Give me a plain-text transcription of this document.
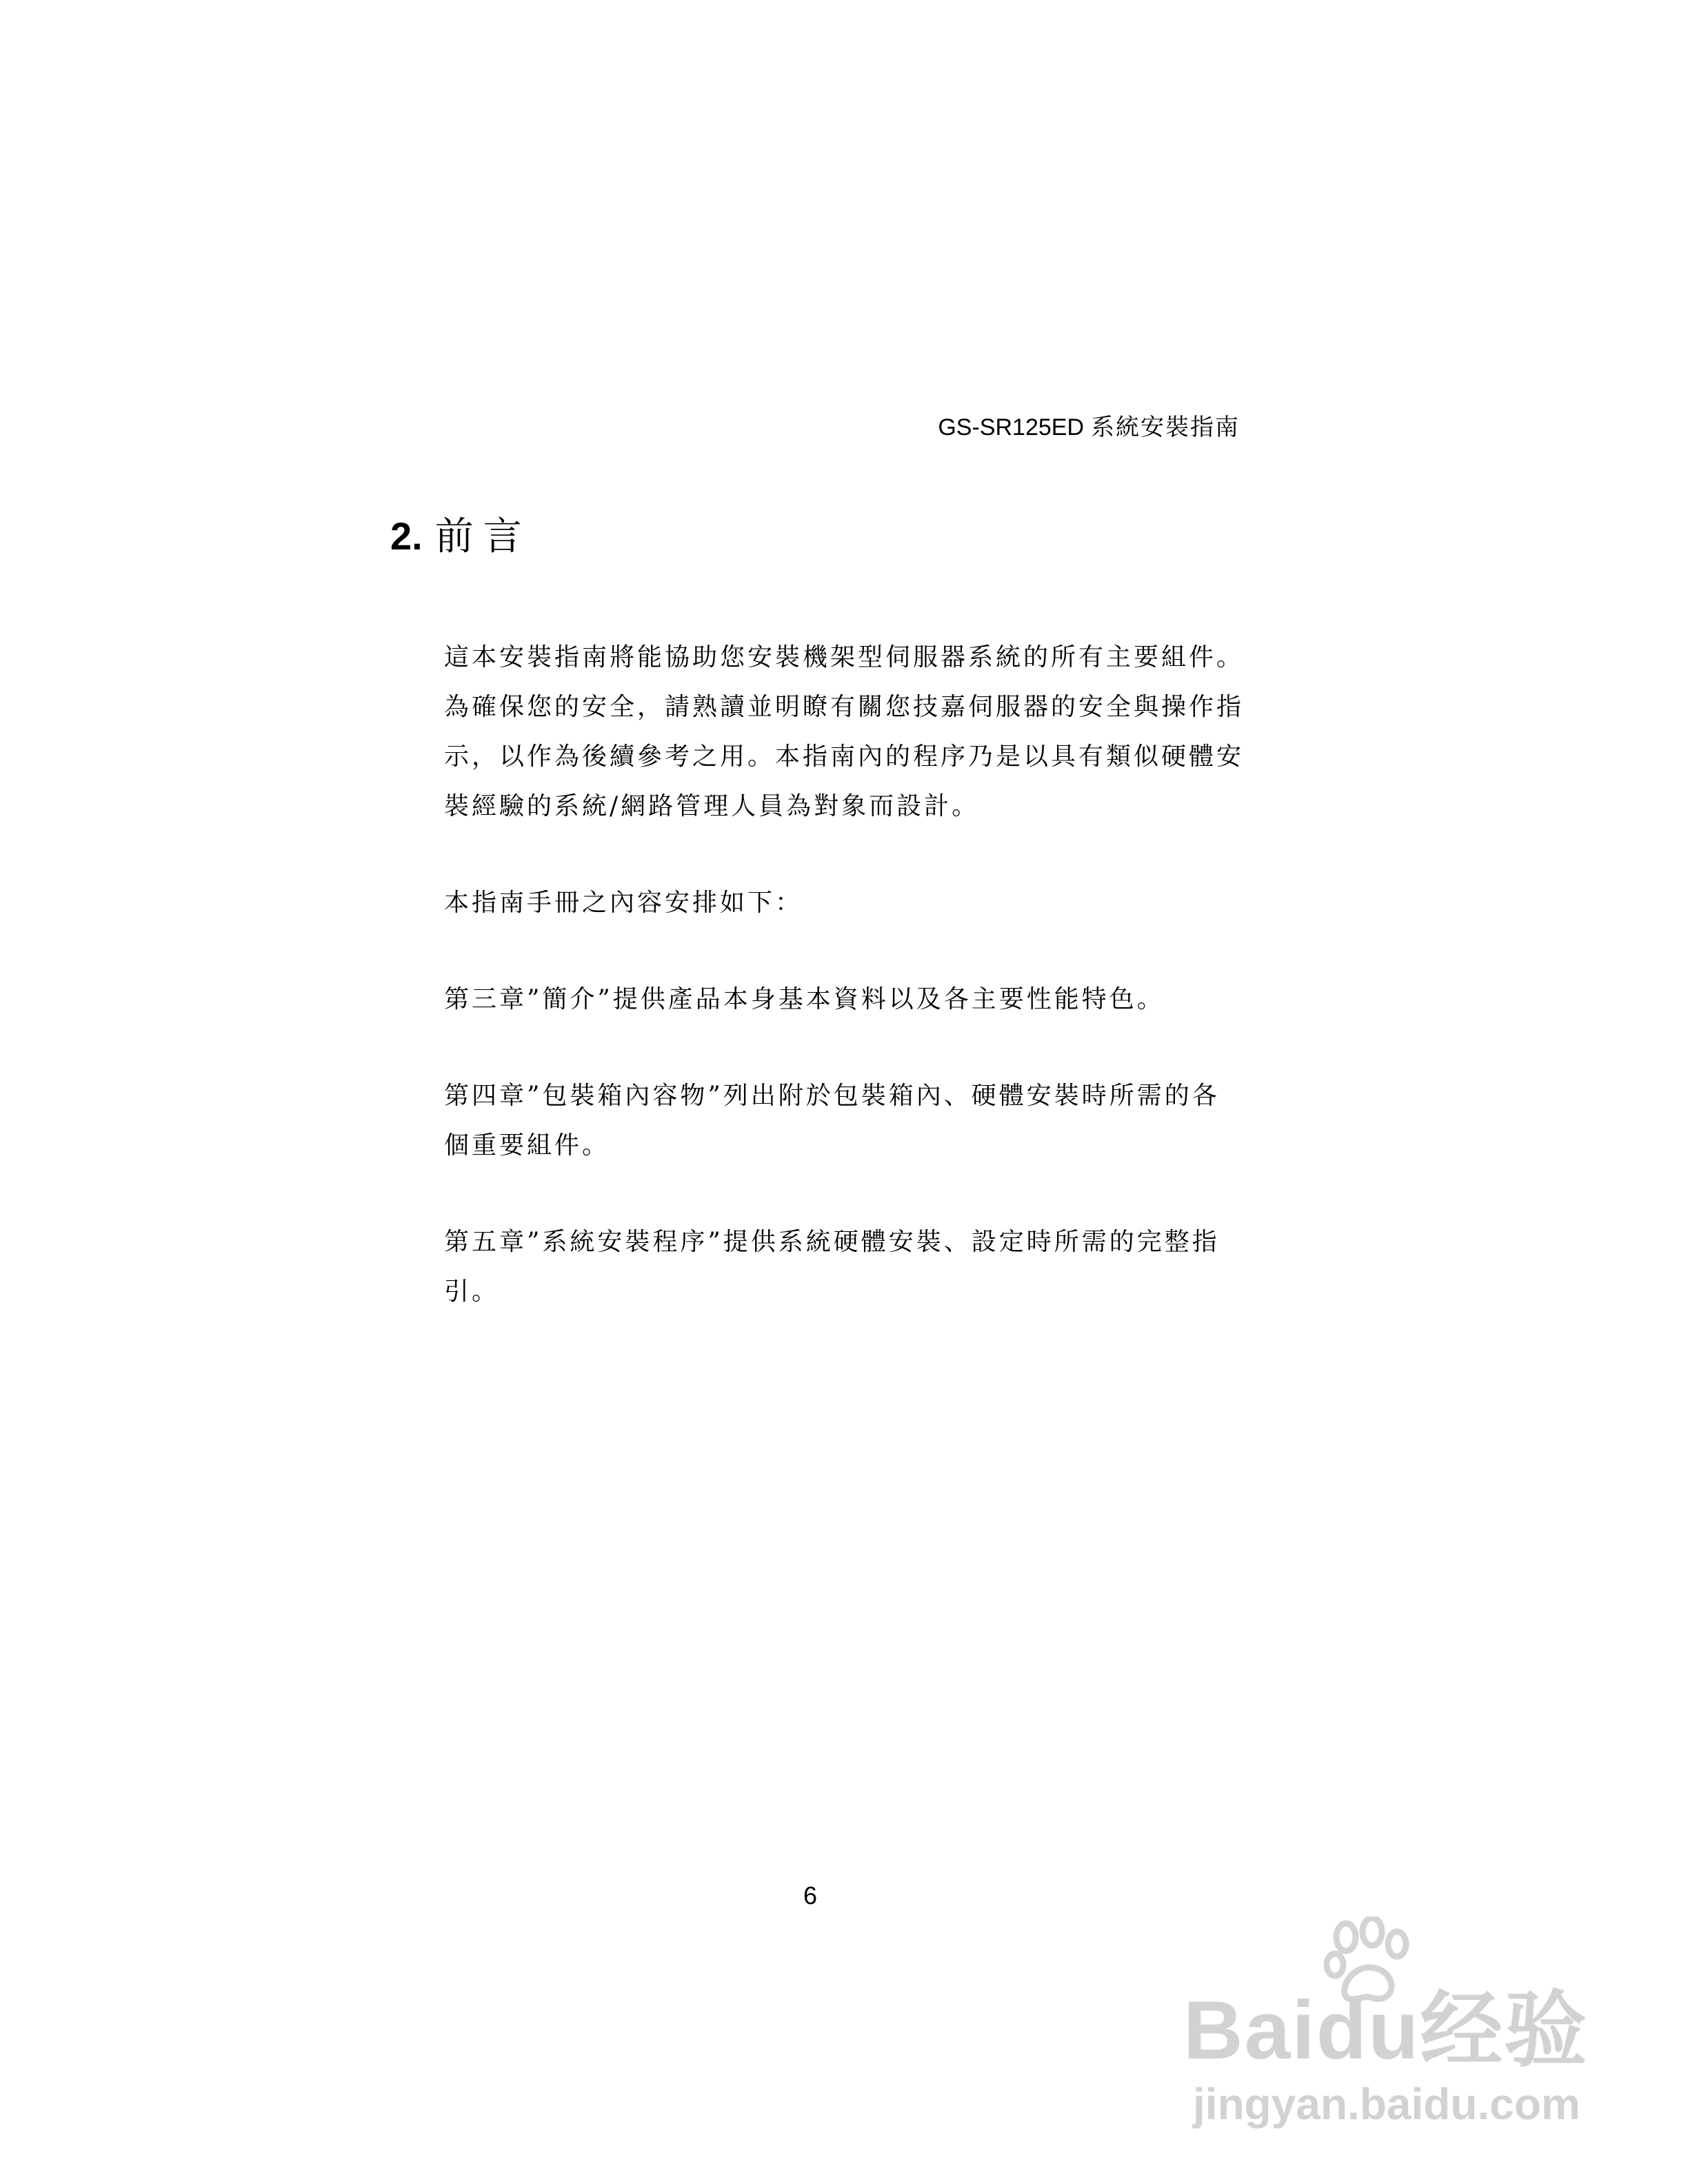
GS-SR125ED 系統安裝指南
2. 前言

這本安裝指南將能協助您安裝機架型伺服器系統的所有主要組件。為確保您的安全，請熟讀並明瞭有關您技嘉伺服器的安全與操作指示，以作為後續參考之用。本指南內的程序乃是以具有類似硬體安裝經驗的系統/網路管理人員為對象而設計。

本指南手冊之內容安排如下：

第三章”簡介”提供產品本身基本資料以及各主要性能特色。

第四章”包裝箱內容物”列出附於包裝箱內、硬體安裝時所需的各個重要組件。

第五章”系統安裝程序”提供系統硬體安裝、設定時所需的完整指引。

6
Baidu经验
jingyan.baidu.com
